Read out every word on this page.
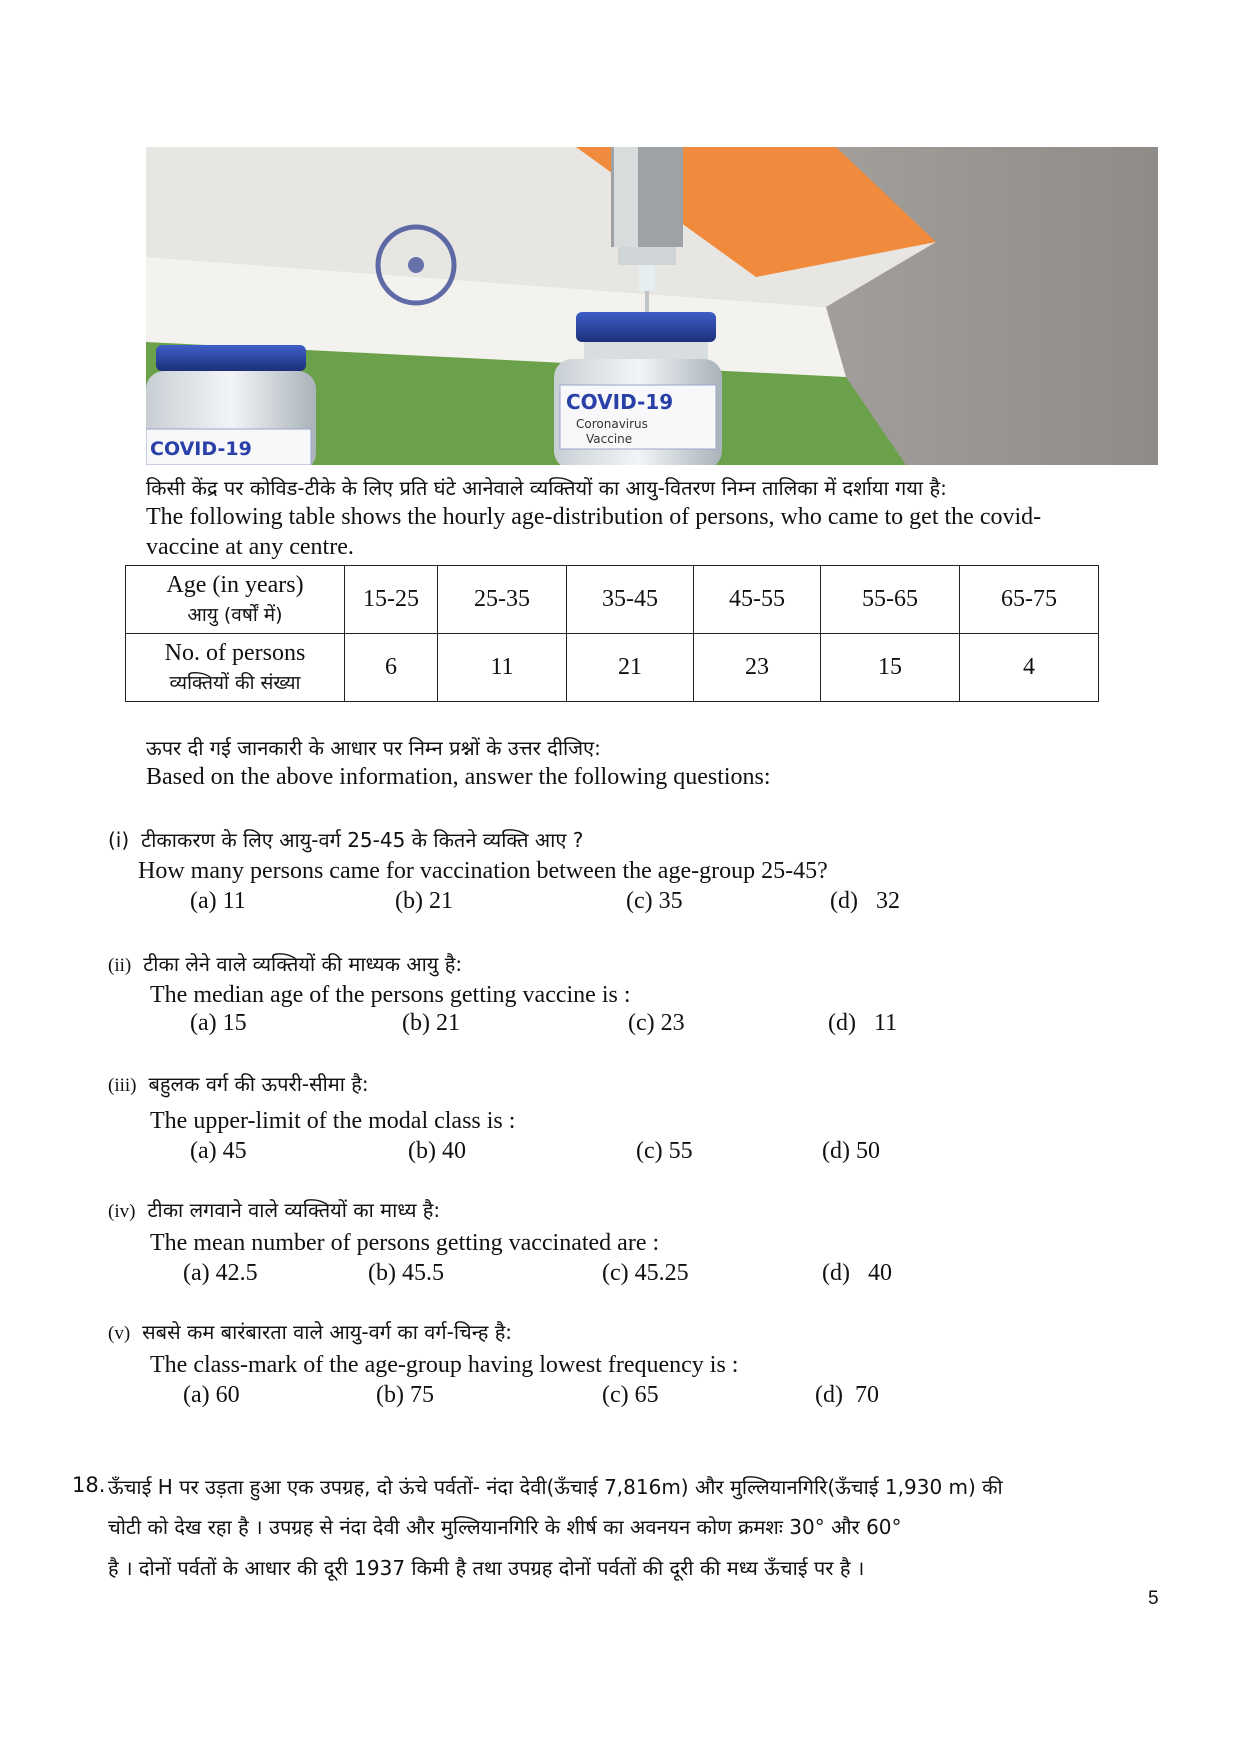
COVID-19
Coronavirus
Vaccine
COVID-19
किसी केंद्र पर कोविड-टीके के लिए प्रति घंटे आनेवाले व्यक्तियों का आयु-वितरण निम्न तालिका में दर्शाया गया है:
The following table shows the hourly age-distribution of persons, who came to get the covid-
vaccine at any centre.
Age (in years)
आयु (वर्षों में)	15-25	25-35	35-45	45-55	55-65	65-75

No. of persons
व्यक्तियों की संख्या	6	11	21	23	15	4
ऊपर दी गई जानकारी के आधार पर निम्न प्रश्नों के उत्तर दीजिए:
Based on the above information, answer the following questions:
(i) टीकाकरण के लिए आयु-वर्ग 25-45 के कितने व्यक्ति आए ?
How many persons came for vaccination between the age-group 25-45?
(a) 11	(b) 21	(c) 35	(d)   32
(ii) टीका लेने वाले व्यक्तियों की माध्यक आयु है:
The median age of the persons getting vaccine is :
(a) 15	(b) 21	(c) 23	(d)   11
(iii) बहुलक वर्ग की ऊपरी-सीमा है:
The upper-limit of the modal class is :
(a) 45	(b) 40	(c) 55	(d) 50
(iv) टीका लगवाने वाले व्यक्तियों का माध्य है:
The mean number of persons getting vaccinated are :
(a) 42.5	(b) 45.5	(c) 45.25	(d)   40
(v) सबसे कम बारंबारता वाले आयु-वर्ग का वर्ग-चिन्ह है:
The class-mark of the age-group having lowest frequency is :
(a) 60	(b) 75	(c) 65	(d)  70
18. ऊँचाई H पर उड़ता हुआ एक उपग्रह, दो ऊंचे पर्वतों- नंदा देवी(ऊँचाई 7,816m) और मुल्लियानगिरि(ऊँचाई 1,930 m) की
चोटी को देख रहा है । उपग्रह से नंदा देवी और मुल्लियानगिरि के शीर्ष का अवनयन कोण क्रमशः 30° और 60°
है । दोनों पर्वतों के आधार की दूरी 1937 किमी है तथा उपग्रह दोनों पर्वतों की दूरी की मध्य ऊँचाई पर है ।
5
